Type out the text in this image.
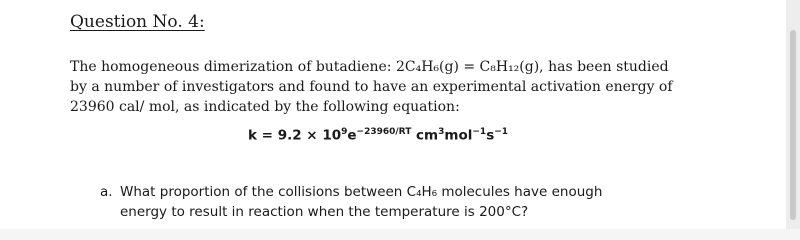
Question No. 4:
The homogeneous dimerization of butadiene: 2C₄H₆(g) = C₈H₁₂(g), has been studied
by a number of investigators and found to have an experimental activation energy of
23960 cal/ mol, as indicated by the following equation:
$k = 9.2 \times 10^9e^{-23960/RT}$ $cm^3mol^{-1}s^{-1}$
a. What proportion of the collisions between C₄H₆ molecules have enough
energy to result in reaction when the temperature is 200°C?
